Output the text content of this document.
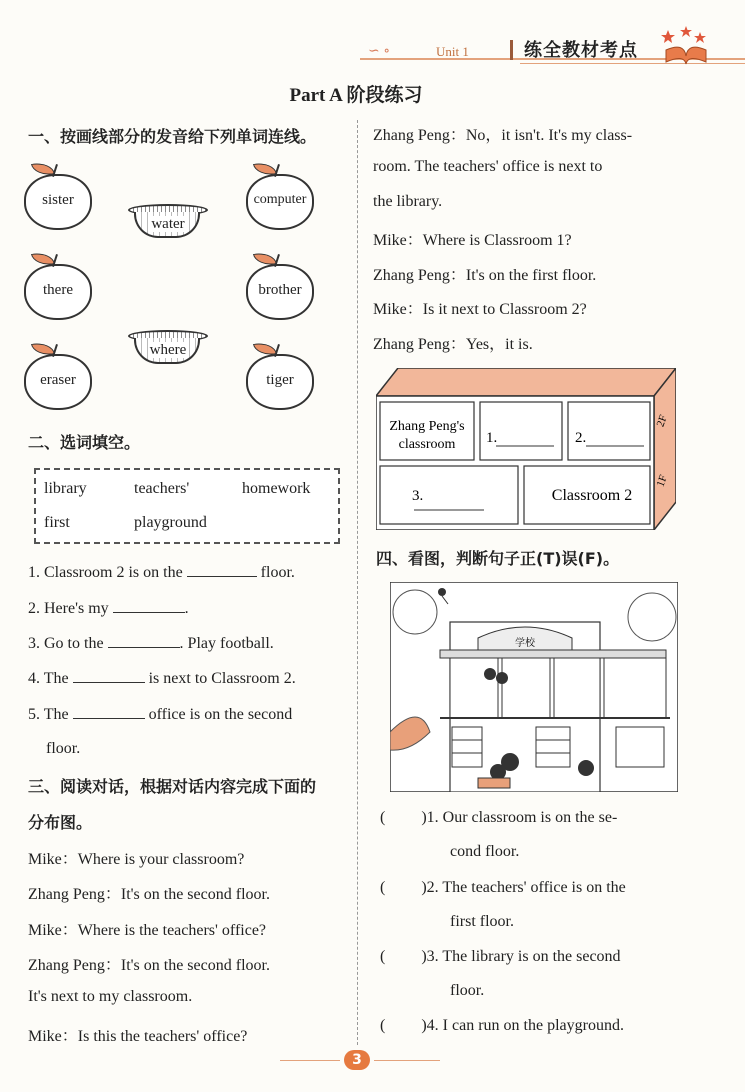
∽ ∘	Unit 1	练全教材考点
Part A 阶段练习
一、按画线部分的发音给下列单词连线。
sister	computer
there	brother
eraser	tiger
water
where
二、选词填空。
library	teachers'	homework
first	playground
1. Classroom 2 is on the	floor.
2. Here's my	.
3. Go to the	. Play football.
4. The	is next to Classroom 2.
5. The	office is on the second
floor.
三、阅读对话，根据对话内容完成下面的
分布图。
Mike：Where is your classroom?
Zhang Peng：It's on the second floor.
Mike：Where is the teachers' office?
Zhang Peng：It's on the second floor.
It's next to my classroom.
Mike：Is this the teachers' office?
Zhang Peng：No，it isn't. It's my class-
room. The teachers' office is next to
the library.
Mike：Where is Classroom 1?
Zhang Peng：It's on the first floor.
Mike：Is it next to Classroom 2?
Zhang Peng：Yes，it is.
Zhang Peng's
classroom 1.	2.
3.	Classroom 2
2F
1F
四、看图，判断句子正(T)误(F)。
学校
( )1. Our classroom is on the se-
cond floor.
( )2. The teachers' office is on the
first floor.
( )3. The library is on the second
floor.
( )4. I can run on the playground.
3
